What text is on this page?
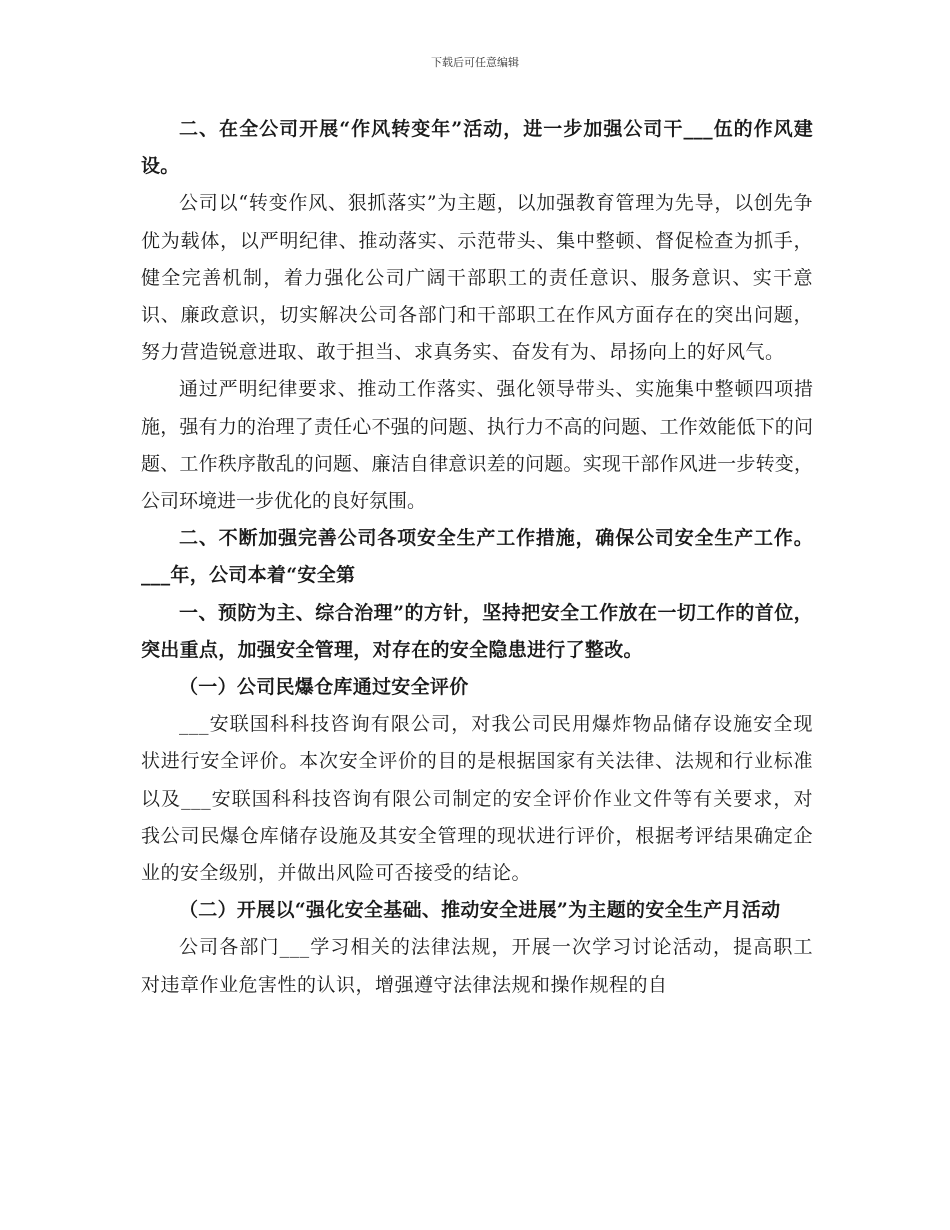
下载后可任意编辑

二、在全公司开展“作风转变年”活动，进一步加强公司干___伍的作风建设。

公司以“转变作风、狠抓落实”为主题，以加强教育管理为先导，以创先争优为载体，以严明纪律、推动落实、示范带头、集中整顿、督促检查为抓手，健全完善机制，着力强化公司广阔干部职工的责任意识、服务意识、实干意识、廉政意识，切实解决公司各部门和干部职工在作风方面存在的突出问题，努力营造锐意进取、敢于担当、求真务实、奋发有为、昂扬向上的好风气。

通过严明纪律要求、推动工作落实、强化领导带头、实施集中整顿四项措施，强有力的治理了责任心不强的问题、执行力不高的问题、工作效能低下的问题、工作秩序散乱的问题、廉洁自律意识差的问题。实现干部作风进一步转变，公司环境进一步优化的良好氛围。

二、不断加强完善公司各项安全生产工作措施，确保公司安全生产工作。___年，公司本着“安全第

一、预防为主、综合治理”的方针，坚持把安全工作放在一切工作的首位，突出重点，加强安全管理，对存在的安全隐患进行了整改。

（一）公司民爆仓库通过安全评价

___安联国科科技咨询有限公司，对我公司民用爆炸物品储存设施安全现状进行安全评价。本次安全评价的目的是根据国家有关法律、法规和行业标准以及___安联国科科技咨询有限公司制定的安全评价作业文件等有关要求，对我公司民爆仓库储存设施及其安全管理的现状进行评价，根据考评结果确定企业的安全级别，并做出风险可否接受的结论。

（二）开展以“强化安全基础、推动安全进展”为主题的安全生产月活动

公司各部门___学习相关的法律法规，开展一次学习讨论活动，提高职工对违章作业危害性的认识，增强遵守法律法规和操作规程的自
